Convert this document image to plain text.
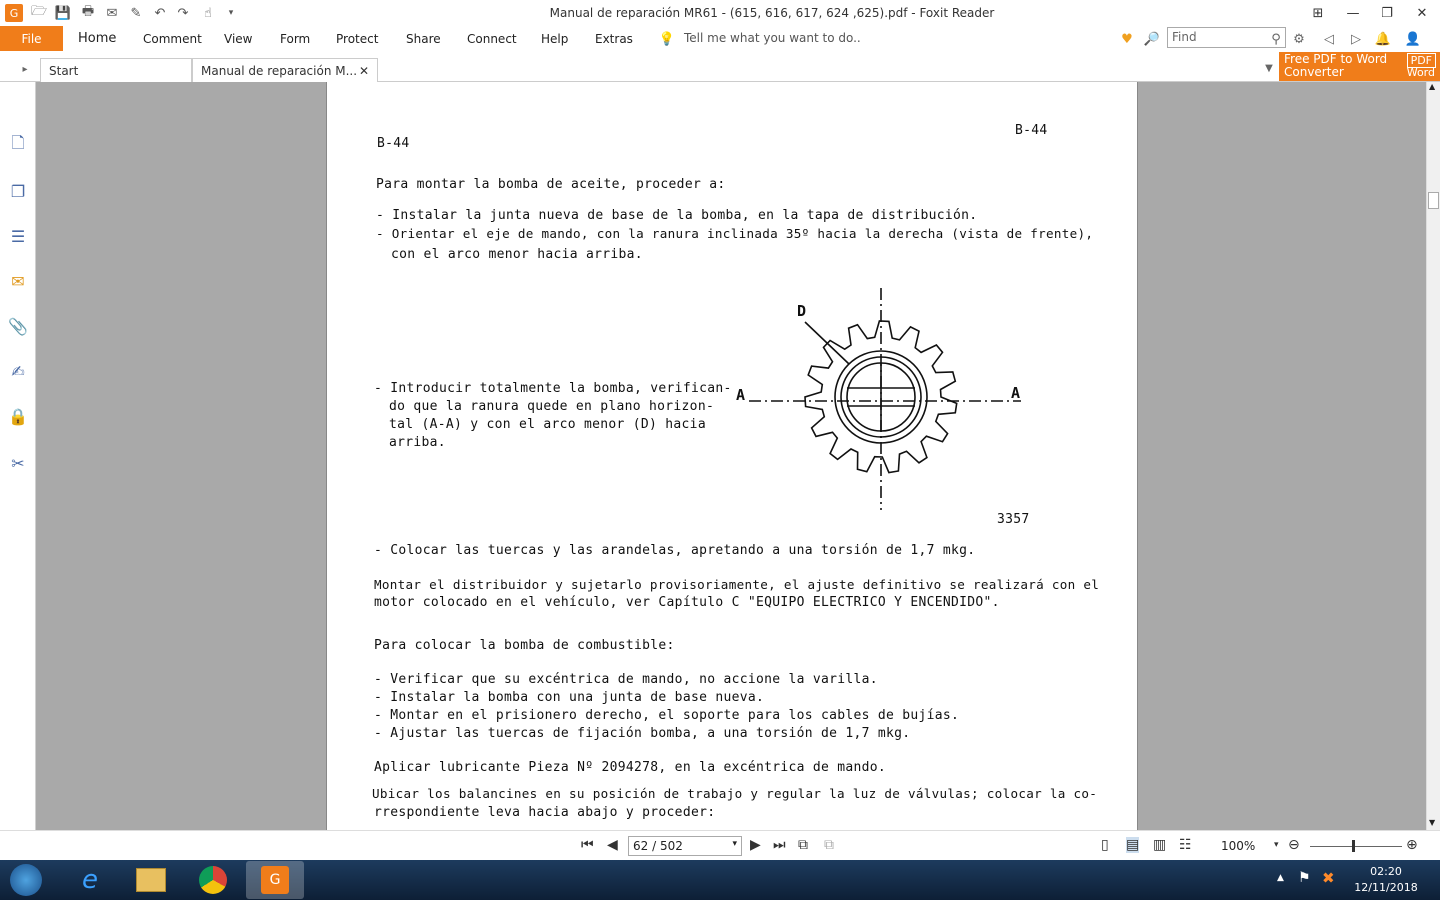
G 🗁 💾 🖶 ✉ ✎ ↶ ↷	☝	▾	Manual de reparación MR61 - (615, 616, 617, 624 ,625).pdf - Foxit Reader	⊞	—	❐	✕
File	Home Comment View Form Protect Share Connect Help Extras 💡 Tell me what you want to do..	♥ 🔎 Find	⚲ ⚙	◁	▷	🔔 👤
▸	Start	Manual de reparación M... ✕	▼
Free PDF to Word
Converter
PDF
Word
🗋
❐
☰
✉
📎
✍
🔒
✂
B-44
B-44
Para montar la bomba de aceite, proceder a:
- Instalar la junta nueva de base de la bomba, en la tapa de distribución.
- Orientar el eje de mando, con la ranura inclinada 35º hacia la derecha (vista de frente),
con el arco menor hacia arriba.
- Introducir totalmente la bomba, verifican-
do que la ranura quede en plano horizon-
tal (A-A) y con el arco menor (D) hacia
arriba.
D
A	A
3357
- Colocar las tuercas y las arandelas, apretando a una torsión de 1,7 mkg.
Montar el distribuidor y sujetarlo provisoriamente, el ajuste definitivo se realizará con el
motor colocado en el vehículo, ver Capítulo C "EQUIPO ELECTRICO Y ENCENDIDO".
Para colocar la bomba de combustible:
- Verificar que su excéntrica de mando, no accione la varilla.
- Instalar la bomba con una junta de base nueva.
- Montar en el prisionero derecho, el soporte para los cables de bujías.
- Ajustar las tuercas de fijación bomba, a una torsión de 1,7 mkg.
Aplicar lubricante Pieza Nº 2094278, en la excéntrica de mando.
Ubicar los balancines en su posición de trabajo y regular la luz de válvulas; colocar la co-
rrespondiente leva hacia abajo y proceder:
▲
▼
⏮ ◀	62 / 502	▾ ▶ ⏭ ⧉ ⧉	▯ ▤ ▥ ☷ 100% ▾ ⊖	⊕
e	G	▲ ⚑ ✖	02:20
12/11/2018
